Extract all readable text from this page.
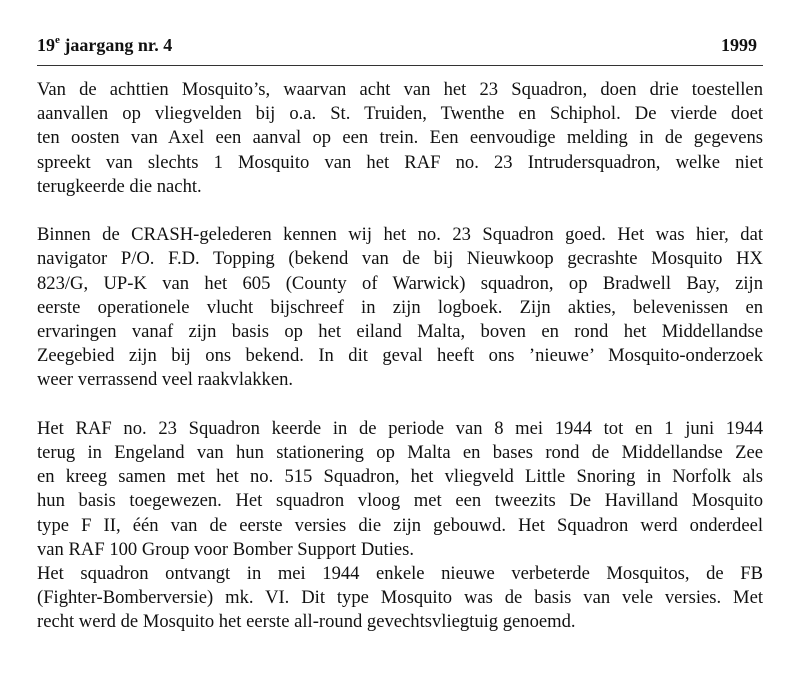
19e jaargang nr. 4	1999
Van de achttien Mosquito’s, waarvan acht van het 23 Squadron, doen drie toestellen
aanvallen op vliegvelden bij o.a. St. Truiden, Twenthe en Schiphol. De vierde doet
ten oosten van Axel een aanval op een trein. Een eenvoudige melding in de gegevens
spreekt van slechts 1 Mosquito van het RAF no. 23 Intrudersquadron, welke niet
terugkeerde die nacht.
Binnen de CRASH-gelederen kennen wij het no. 23 Squadron goed. Het was hier, dat
navigator P/O. F.D. Topping (bekend van de bij Nieuwkoop gecrashte Mosquito HX
823/G, UP-K van het 605 (County of Warwick) squadron, op Bradwell Bay, zijn
eerste operationele vlucht bijschreef in zijn logboek. Zijn akties, belevenissen en
ervaringen vanaf zijn basis op het eiland Malta, boven en rond het Middellandse
Zeegebied zijn bij ons bekend. In dit geval heeft ons ’nieuwe’ Mosquito-onderzoek
weer verrassend veel raakvlakken.
Het RAF no. 23 Squadron keerde in de periode van 8 mei 1944 tot en 1 juni 1944
terug in Engeland van hun stationering op Malta en bases rond de Middellandse Zee
en kreeg samen met het no. 515 Squadron, het vliegveld Little Snoring in Norfolk als
hun basis toegewezen. Het squadron vloog met een tweezits De Havilland Mosquito
type F II, één van de eerste versies die zijn gebouwd. Het Squadron werd onderdeel
van RAF 100 Group voor Bomber Support Duties.
Het squadron ontvangt in mei 1944 enkele nieuwe verbeterde Mosquitos, de FB
(Fighter-Bomberversie) mk. VI. Dit type Mosquito was de basis van vele versies. Met
recht werd de Mosquito het eerste all-round gevechtsvliegtuig genoemd.
